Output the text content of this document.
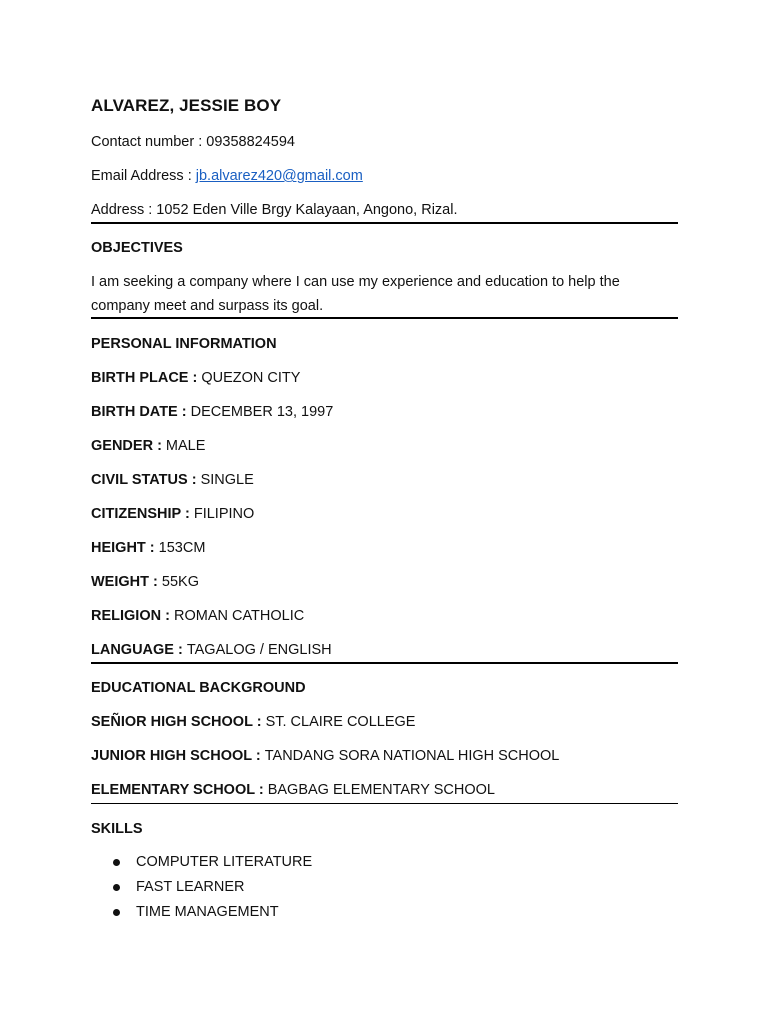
ALVAREZ, JESSIE BOY
Contact number : 09358824594
Email Address : jb.alvarez420@gmail.com
Address : 1052 Eden Ville Brgy Kalayaan, Angono, Rizal.
OBJECTIVES
I am seeking a company where I can use my experience and education to help the company meet and surpass its goal.
PERSONAL INFORMATION
BIRTH PLACE : QUEZON CITY
BIRTH DATE : DECEMBER 13, 1997
GENDER : MALE
CIVIL STATUS : SINGLE
CITIZENSHIP : FILIPINO
HEIGHT : 153CM
WEIGHT : 55KG
RELIGION : ROMAN CATHOLIC
LANGUAGE : TAGALOG / ENGLISH
EDUCATIONAL BACKGROUND
SEÑIOR HIGH SCHOOL : ST. CLAIRE COLLEGE
JUNIOR HIGH SCHOOL : TANDANG SORA NATIONAL HIGH SCHOOL
ELEMENTARY SCHOOL : BAGBAG ELEMENTARY SCHOOL
SKILLS
COMPUTER LITERATURE
FAST LEARNER
TIME MANAGEMENT
